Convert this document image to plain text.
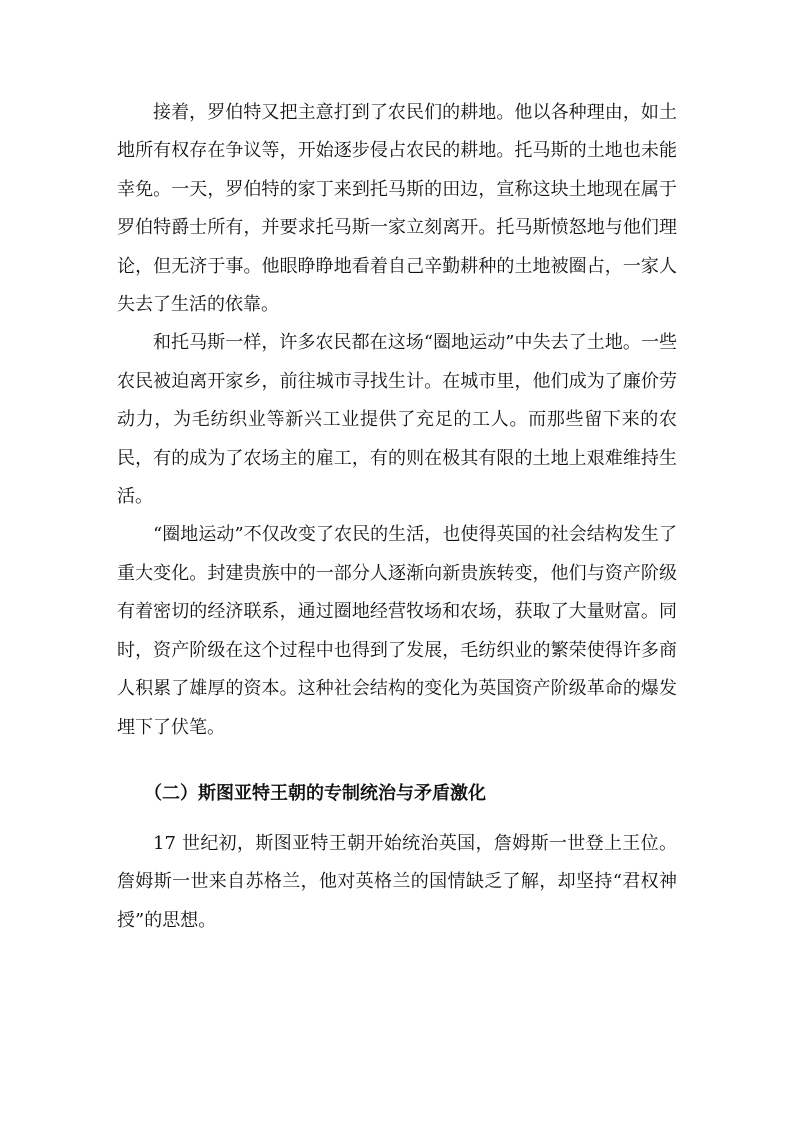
接着，罗伯特又把主意打到了农民们的耕地。他以各种理由，如土地所有权存在争议等，开始逐步侵占农民的耕地。托马斯的土地也未能幸免。一天，罗伯特的家丁来到托马斯的田边，宣称这块土地现在属于罗伯特爵士所有，并要求托马斯一家立刻离开。托马斯愤怒地与他们理论，但无济于事。他眼睁睁地看着自己辛勤耕种的土地被圈占，一家人失去了生活的依靠。

和托马斯一样，许多农民都在这场“圈地运动”中失去了土地。一些农民被迫离开家乡，前往城市寻找生计。在城市里，他们成为了廉价劳动力，为毛纺织业等新兴工业提供了充足的工人。而那些留下来的农民，有的成为了农场主的雇工，有的则在极其有限的土地上艰难维持生活。

“圈地运动”不仅改变了农民的生活，也使得英国的社会结构发生了重大变化。封建贵族中的一部分人逐渐向新贵族转变，他们与资产阶级有着密切的经济联系，通过圈地经营牧场和农场，获取了大量财富。同时，资产阶级在这个过程中也得到了发展，毛纺织业的繁荣使得许多商人积累了雄厚的资本。这种社会结构的变化为英国资产阶级革命的爆发埋下了伏笔。

（二）斯图亚特王朝的专制统治与矛盾激化

17 世纪初，斯图亚特王朝开始统治英国，詹姆斯一世登上王位。詹姆斯一世来自苏格兰，他对英格兰的国情缺乏了解，却坚持“君权神授”的思想。
